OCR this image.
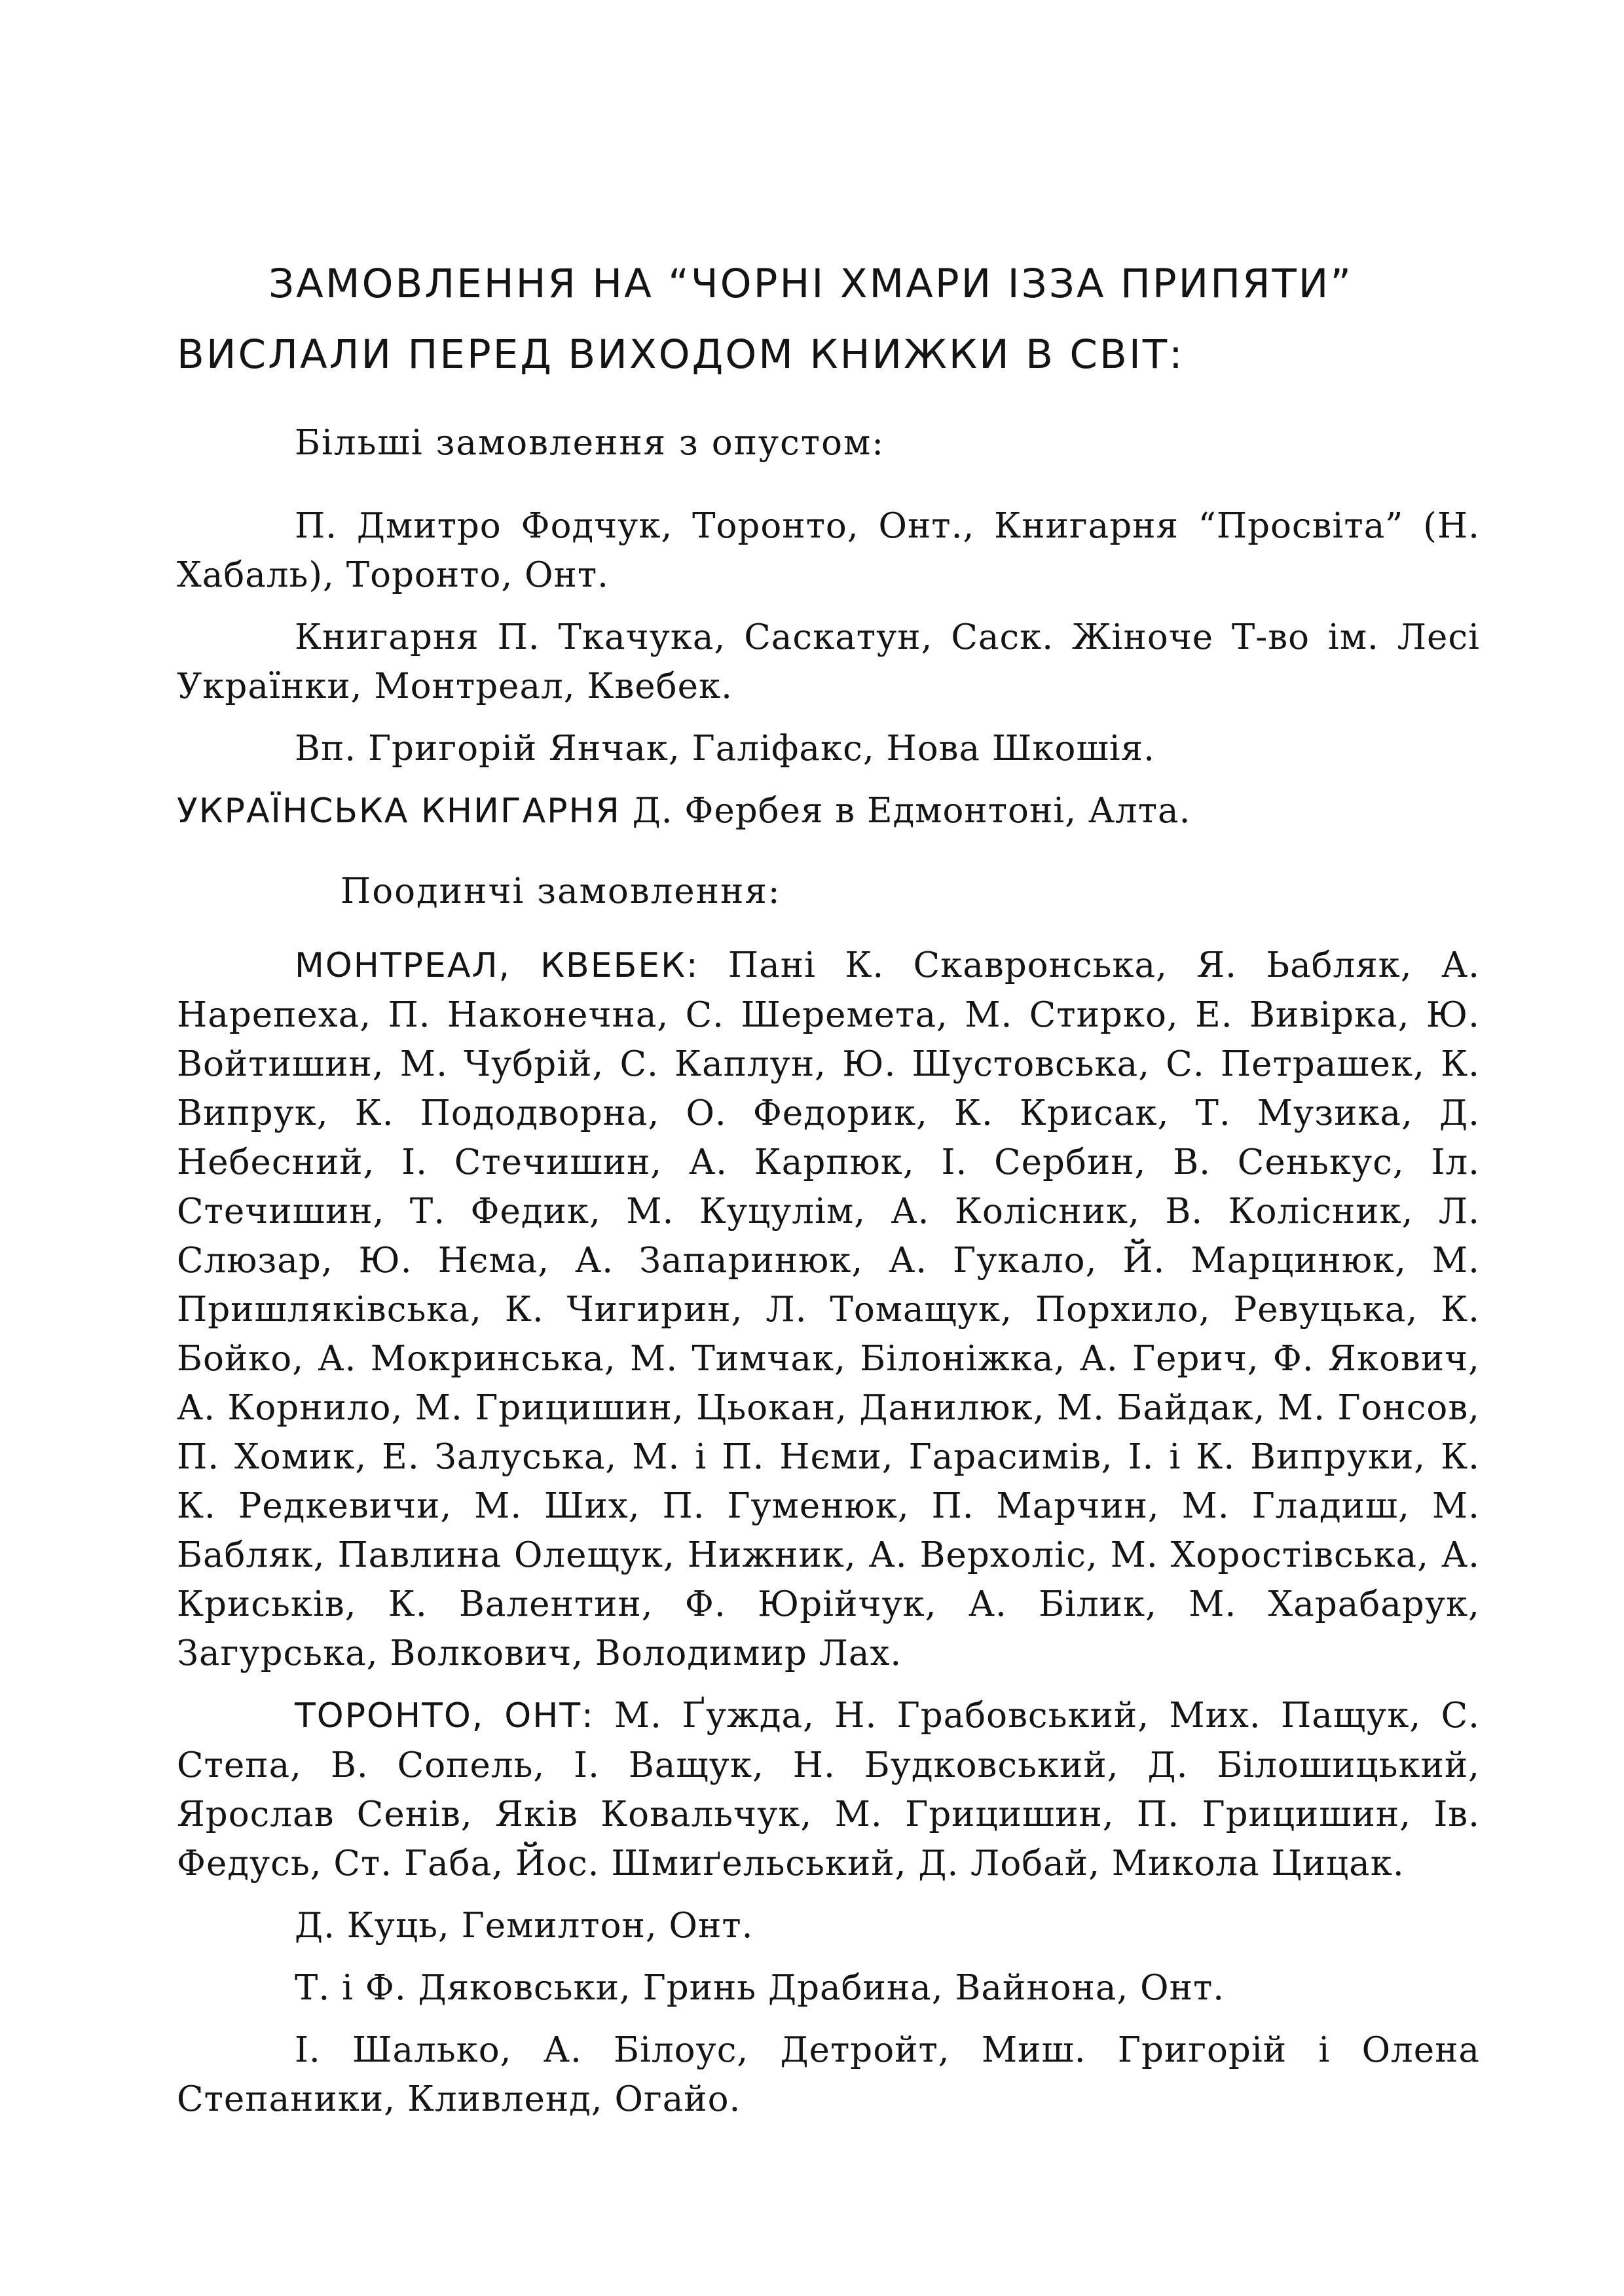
ЗАМОВЛЕННЯ НА “ЧОРНІ ХМАРИ ІЗЗА ПРИПЯТИ”
ВИСЛАЛИ ПЕРЕД ВИХОДОМ КНИЖКИ В СВІТ:
Більші замовлення з опустом:

П. Дмитро Фодчук, Торонто, Онт., Книгарня “Просвіта” (Н. Хабаль), Торонто, Онт.

Книгарня П. Ткачука, Саскатун, Саск. Жіноче Т-во ім. Лесі Українки, Монтреал, Квебек.

Вп. Григорій Янчак, Галіфакс, Нова Шкошія.

УКРАЇНСЬКА КНИГАРНЯ Д. Фербея в Едмонтоні, Алта.

Поодинчі замовлення:

МОНТРЕАЛ, КВЕБЕК: Пані К. Скавронська, Я. Ьабляк, А. Нарепеха, П. Наконечна, С. Шеремета, М. Стирко, Е. Вивірка, Ю. Войтишин, М. Чубрій, С. Каплун, Ю. Шустовська, С. Петрашек, К. Випрук, К. Пододворна, О. Федорик, К. Крисак, Т. Музика, Д. Небесний, І. Стечишин, А. Карпюк, І. Сербин, В. Сенькус, Іл. Стечишин, Т. Федик, М. Куцулім, А. Колісник, В. Колісник, Л. Слюзар, Ю. Нєма, А. Запаринюк, А. Гукало, Й. Марцинюк, М. Пришляківська, К. Чигирин, Л. Томащук, Порхило, Ревуцька, К. Бойко, А. Мокринська, М. Тимчак, Білоніжка, А. Герич, Ф. Якович, А. Корнило, М. Грицишин, Цьокан, Данилюк, М. Байдак, М. Гонсов, П. Хомик, Е. Залуська, М. і П. Нєми, Гарасимів, І. і К. Випруки, К. К. Редкевичи, М. Ших, П. Гуменюк, П. Марчин, М. Гладиш, М. Бабляк, Павлина Олещук, Нижник, А. Верхоліс, М. Хоростівська, А. Криськів, К. Валентин, Ф. Юрійчук, А. Білик, М. Харабарук, Загурська, Волкович, Володимир Лах.

ТОРОНТО, ОНТ: М. Ґужда, Н. Грабовський, Мих. Пащук, С. Степа, В. Сопель, І. Ващук, Н. Будковський, Д. Білошицький, Ярослав Сенів, Яків Ковальчук, М. Грицишин, П. Грицишин, Ів. Федусь, Ст. Габа, Йос. Шмиґельський, Д. Лобай, Микола Цицак.

Д. Куць, Гемилтон, Онт.

Т. і Ф. Дяковськи, Гринь Драбина, Вайнона, Онт.

І. Шалько, А. Білоус, Детройт, Миш. Григорій і Олена Степаники, Кливленд, Огайо.
